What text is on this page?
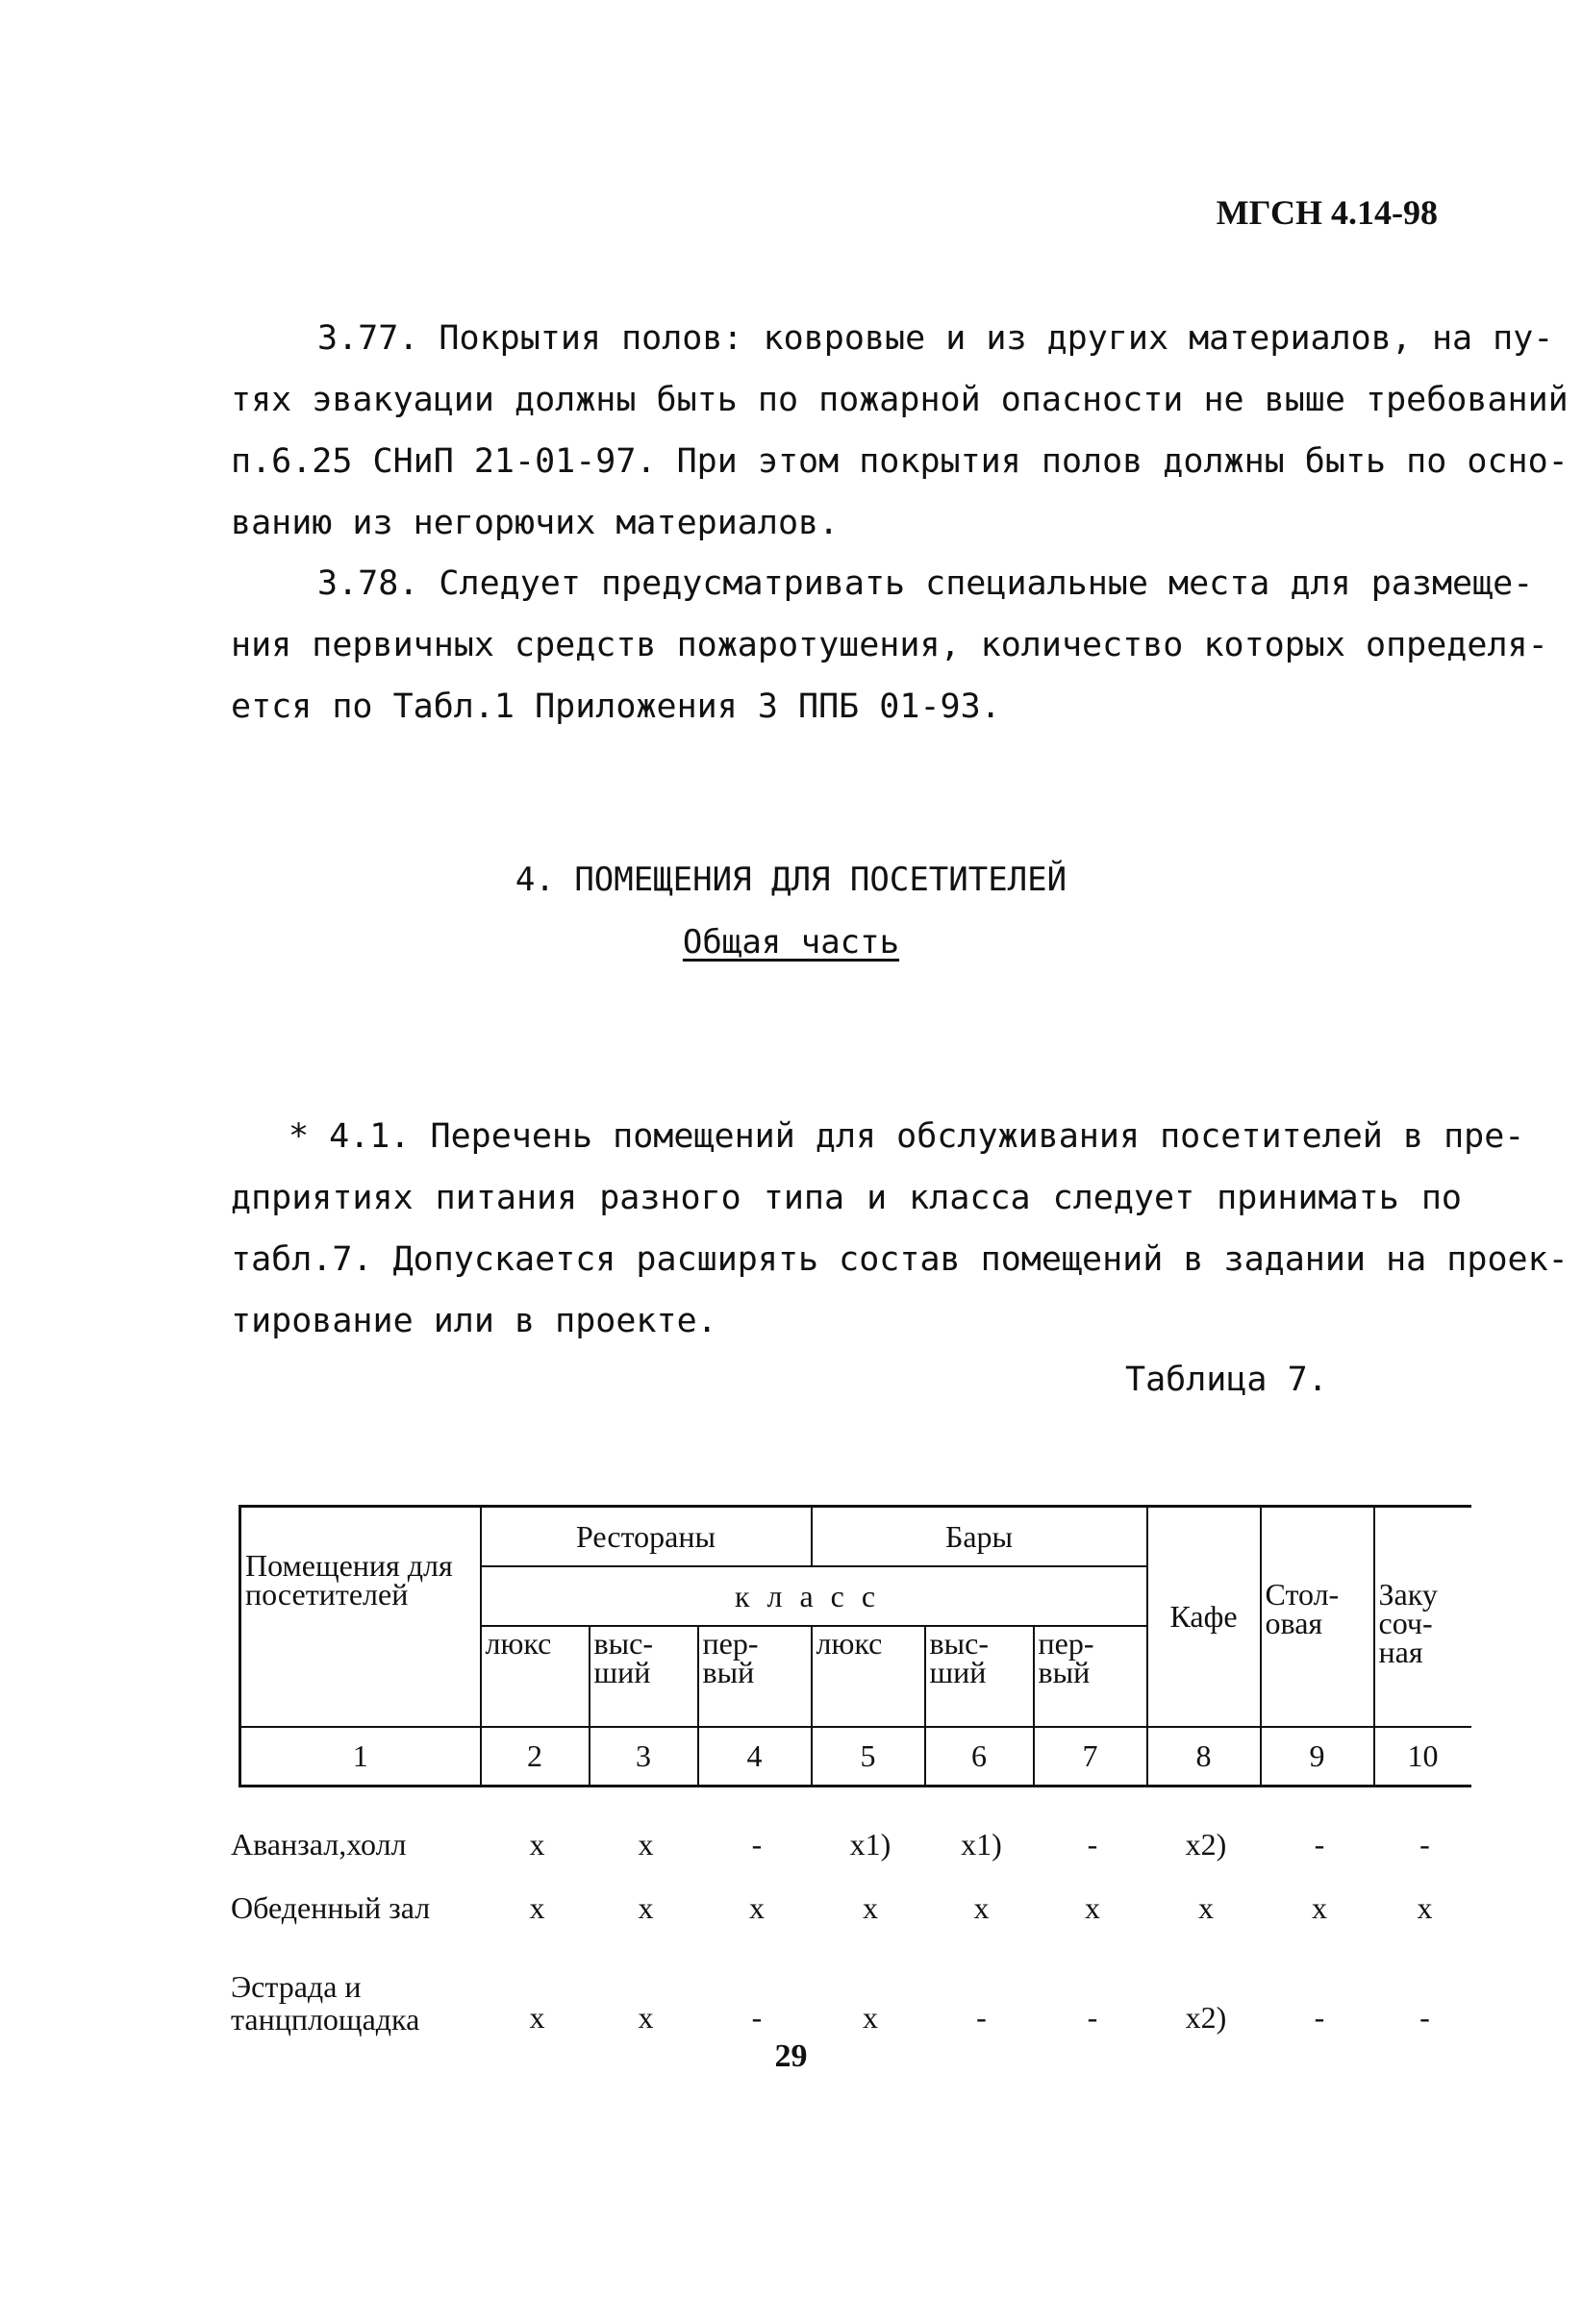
МГСН 4.14-98
3.77. Покрытия полов: ковровые и из других материалов, на пу-
тях эвакуации должны быть по пожарной опасности не выше требований
п.6.25 СНиП 21-01-97. При этом покрытия полов должны быть по осно-
ванию из негорючих материалов.
3.78. Следует предусматривать специальные места для размеще-
ния первичных средств пожаротушения, количество которых определя-
ется по Табл.1 Приложения 3 ППБ 01-93.
4. ПОМЕЩЕНИЯ ДЛЯ ПОСЕТИТЕЛЕЙ
Общая часть
* 4.1. Перечень помещений для обслуживания посетителей в пре-
дприятиях питания разного типа и класса следует принимать по
табл.7. Допускается расширять состав помещений в задании на проек-
тирование или в проекте.
Таблица 7.
Помещения для посетителей	Рестораны			Бары			Кафе	Стол-овая	Заку соч-ная
	класс								
	люкс	выс-ший	пер-вый	люкс	выс-ший	пер-вый			
1	2	3	4	5	6	7	8	9	10
Аванзал,холл	х	х	-	х1)	х1)	-	х2)	-	-
Обеденный зал	х	х	х	х	х	х	х	х	х
Эстрада и танцплощадка	х	х	-	х	-	-	х2)	-	-
29
